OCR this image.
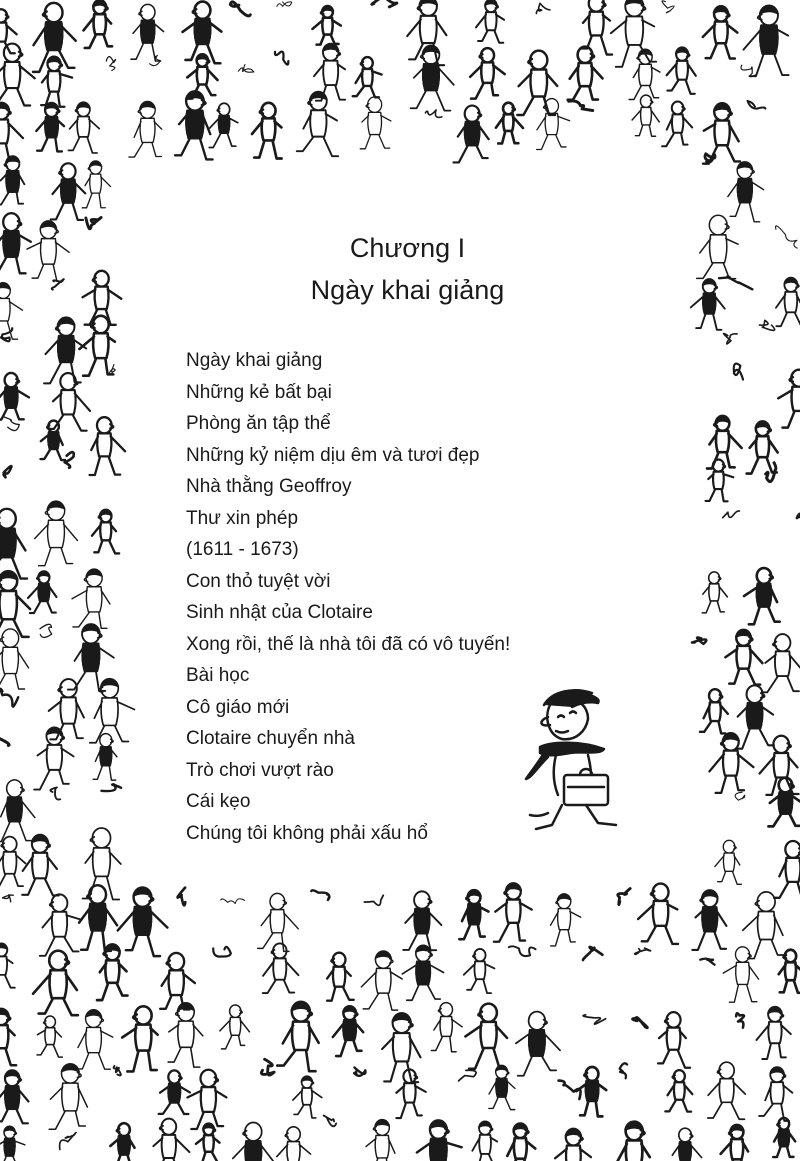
Chương I
Ngày khai giảng
Ngày khai giảng
Những kẻ bất bại
Phòng ăn tập thể
Những kỷ niệm dịu êm và tươi đẹp
Nhà thằng Geoffroy
Thư xin phép
(1611 - 1673)
Con thỏ tuyệt vời
Sinh nhật của Clotaire
Xong rồi, thế là nhà tôi đã có vô tuyến!
Bài học
Cô giáo mới
Clotaire chuyển nhà
Trò chơi vượt rào
Cái kẹo
Chúng tôi không phải xấu hổ
